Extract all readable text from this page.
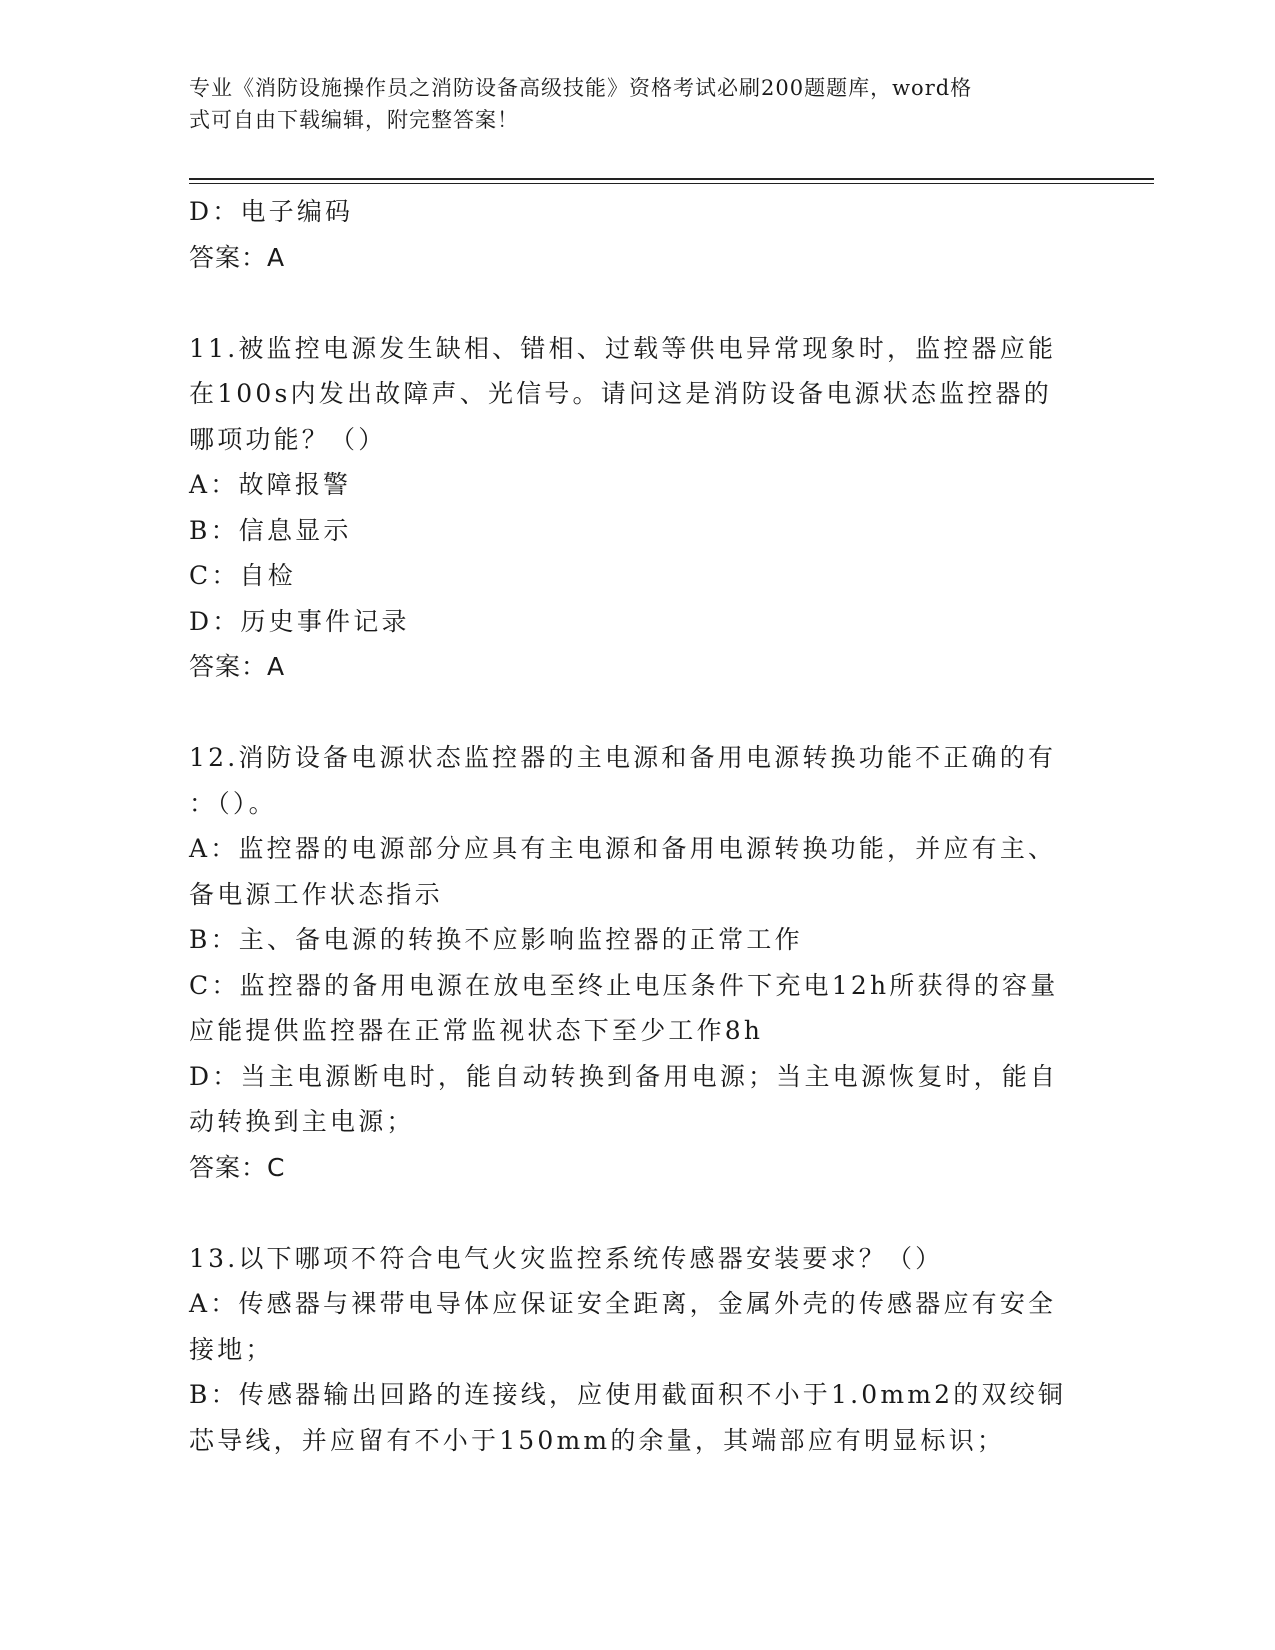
专业《消防设施操作员之消防设备高级技能》资格考试必刷200题题库，word格
式可自由下载编辑，附完整答案！
D：电子编码
答案：A
11.被监控电源发生缺相、错相、过载等供电异常现象时，监控器应能
在100s内发出故障声、光信号。请问这是消防设备电源状态监控器的
哪项功能？（）
A：故障报警
B：信息显示
C：自检
D：历史事件记录
答案：A
12.消防设备电源状态监控器的主电源和备用电源转换功能不正确的有
：（）。
A：监控器的电源部分应具有主电源和备用电源转换功能，并应有主、
备电源工作状态指示
B：主、备电源的转换不应影响监控器的正常工作
C：监控器的备用电源在放电至终止电压条件下充电12h所获得的容量
应能提供监控器在正常监视状态下至少工作8h
D：当主电源断电时，能自动转换到备用电源；当主电源恢复时，能自
动转换到主电源；
答案：C
13.以下哪项不符合电气火灾监控系统传感器安装要求？（）
A：传感器与裸带电导体应保证安全距离，金属外壳的传感器应有安全
接地；
B：传感器输出回路的连接线，应使用截面积不小于1.0mm2的双绞铜
芯导线，并应留有不小于150mm的余量，其端部应有明显标识；
